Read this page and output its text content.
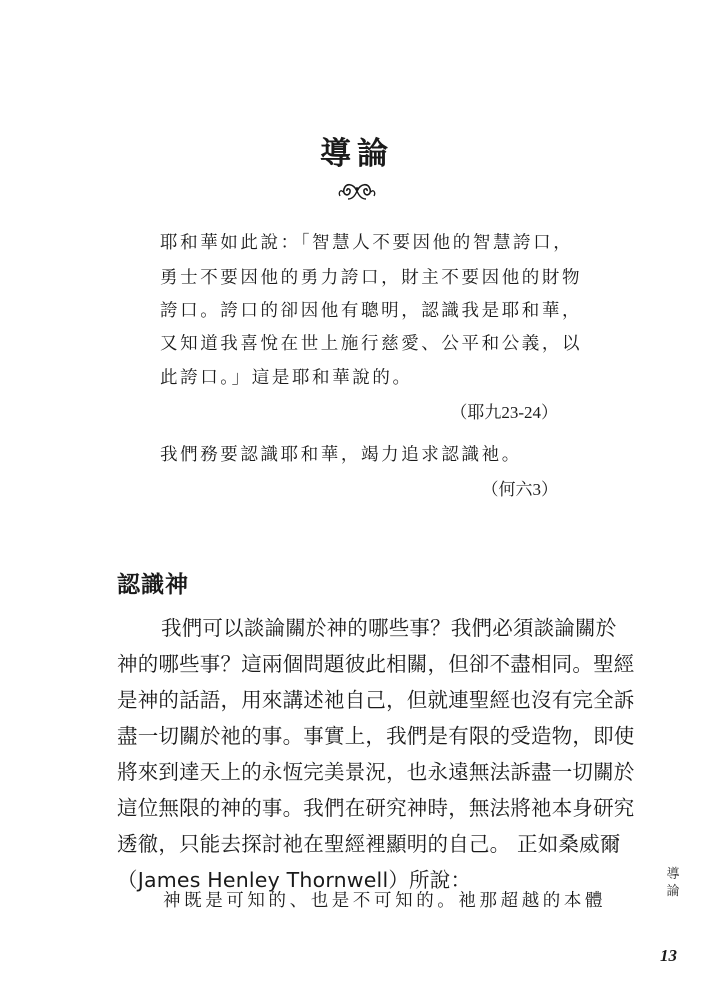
導論

耶和華如此說：「智慧人不要因他的智慧誇口，

勇士不要因他的勇力誇口，財主不要因他的財物

誇口。誇口的卻因他有聰明，認識我是耶和華，

又知道我喜悅在世上施行慈愛、公平和公義，以

此誇口。」這是耶和華說的。

（耶九23-24）

我們務要認識耶和華，竭力追求認識祂。

（何六3）

認識神

我們可以談論關於神的哪些事？我們必須談論關於

神的哪些事？這兩個問題彼此相關，但卻不盡相同。聖經

是神的話語，用來講述祂自己，但就連聖經也沒有完全訴

盡一切關於祂的事。事實上，我們是有限的受造物，即使

將來到達天上的永恆完美景況，也永遠無法訴盡一切關於

這位無限的神的事。我們在研究神時，無法將祂本身研究

透徹，只能去探討祂在聖經裡顯明的自己。 正如桑威爾

（James Henley Thornwell）所說：

神既是可知的、也是不可知的。祂那超越的本體

導
論

13
